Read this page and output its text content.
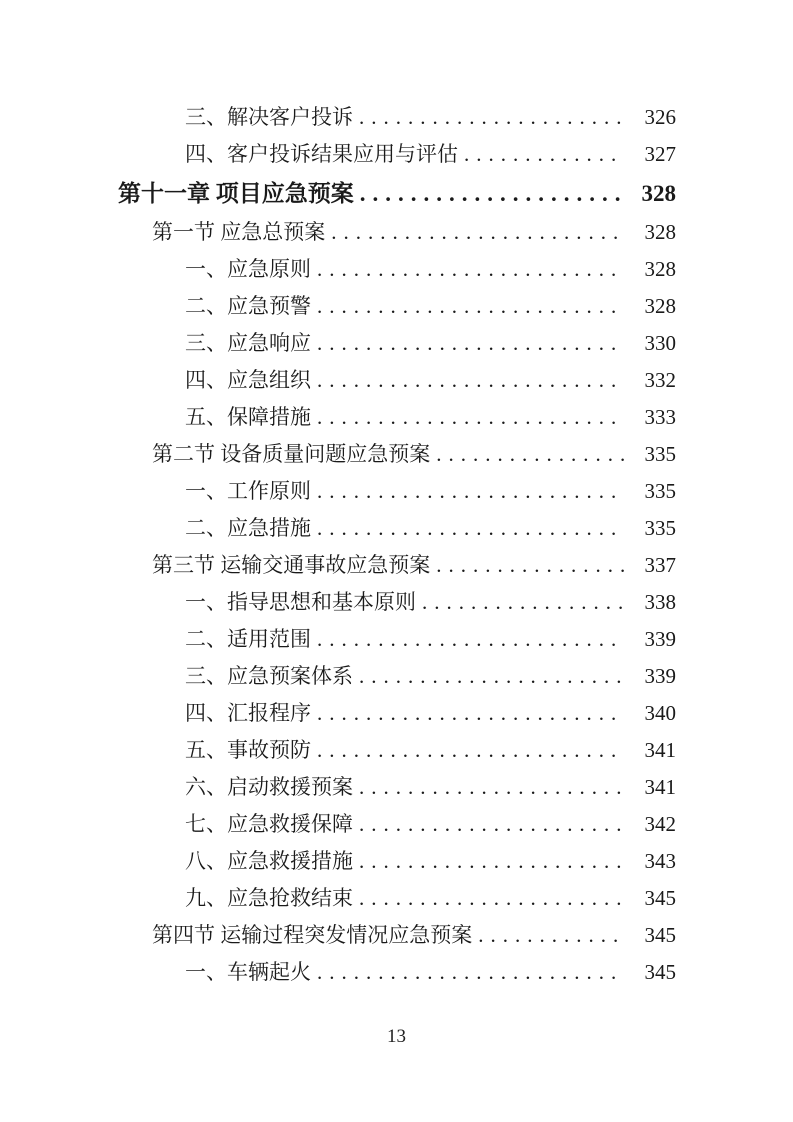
三、解决客户投诉 .....	326
四、客户投诉结果应用与评估 .....	327
第十一章 项目应急预案 .....	328
第一节 应急总预案 .....	328
一、应急原则 .....	328
二、应急预警 .....	328
三、应急响应 .....	330
四、应急组织 .....	332
五、保障措施 .....	333
第二节 设备质量问题应急预案 .....	335
一、工作原则 .....	335
二、应急措施 .....	335
第三节 运输交通事故应急预案 .....	337
一、指导思想和基本原则 .....	338
二、适用范围 .....	339
三、应急预案体系 .....	339
四、汇报程序 .....	340
五、事故预防 .....	341
六、启动救援预案 .....	341
七、应急救援保障 .....	342
八、应急救援措施 .....	343
九、应急抢救结束 .....	345
第四节 运输过程突发情况应急预案 .....	345
一、车辆起火 .....	345
13
